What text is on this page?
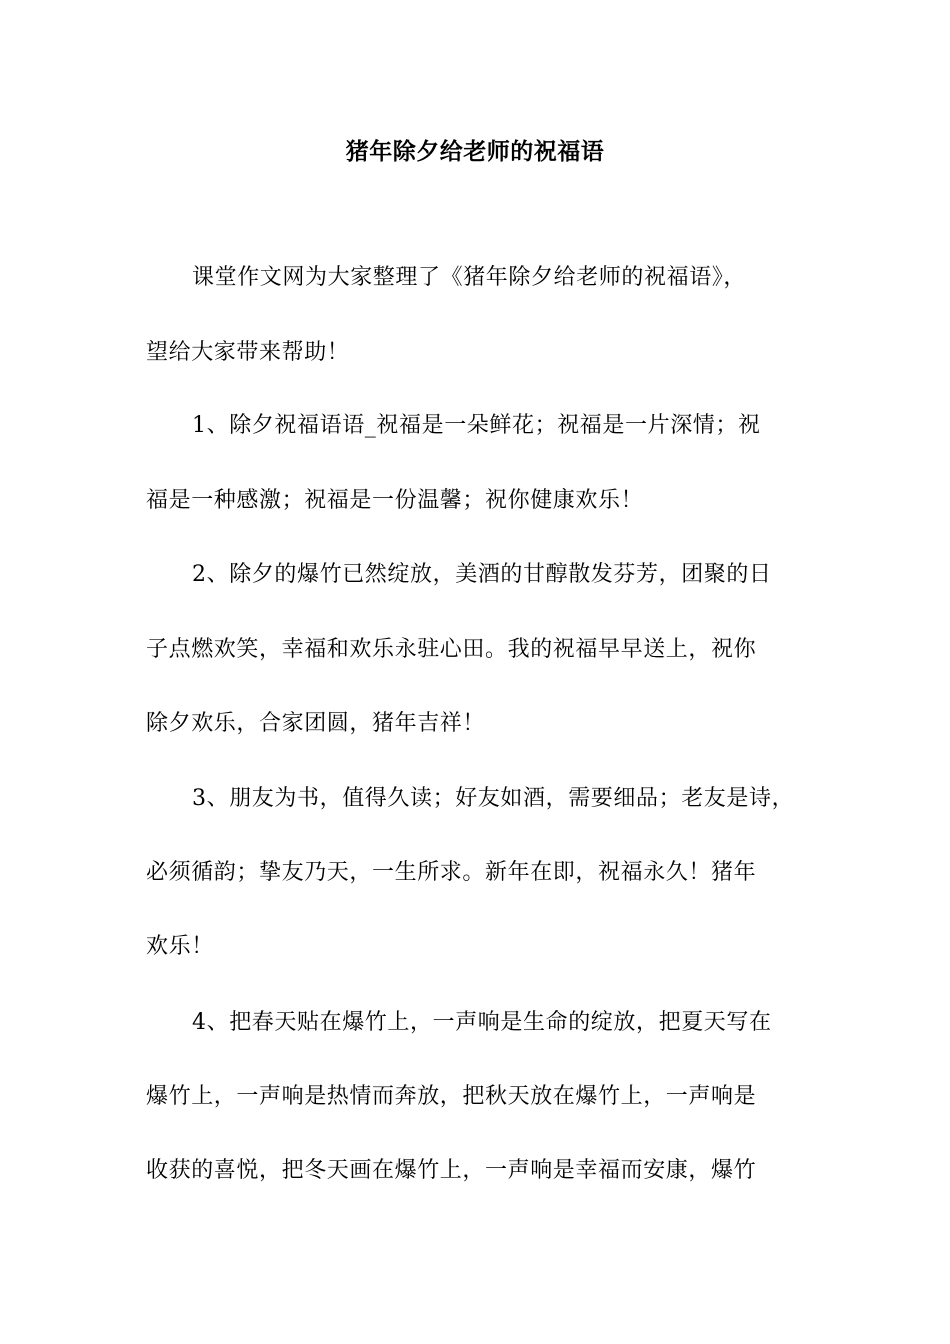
猪年除夕给老师的祝福语
课堂作文网为大家整理了《猪年除夕给老师的祝福语》，
望给大家带来帮助！
1、除夕祝福语语_祝福是一朵鲜花；祝福是一片深情；祝
福是一种感激；祝福是一份温馨；祝你健康欢乐！
2、除夕的爆竹已然绽放，美酒的甘醇散发芬芳，团聚的日
子点燃欢笑，幸福和欢乐永驻心田。我的祝福早早送上，祝你
除夕欢乐，合家团圆，猪年吉祥！
3、朋友为书，值得久读；好友如酒，需要细品；老友是诗，
必须循韵；挚友乃天，一生所求。新年在即，祝福永久！猪年
欢乐！
4、把春天贴在爆竹上，一声响是生命的绽放，把夏天写在
爆竹上，一声响是热情而奔放，把秋天放在爆竹上，一声响是
收获的喜悦，把冬天画在爆竹上，一声响是幸福而安康，爆竹
